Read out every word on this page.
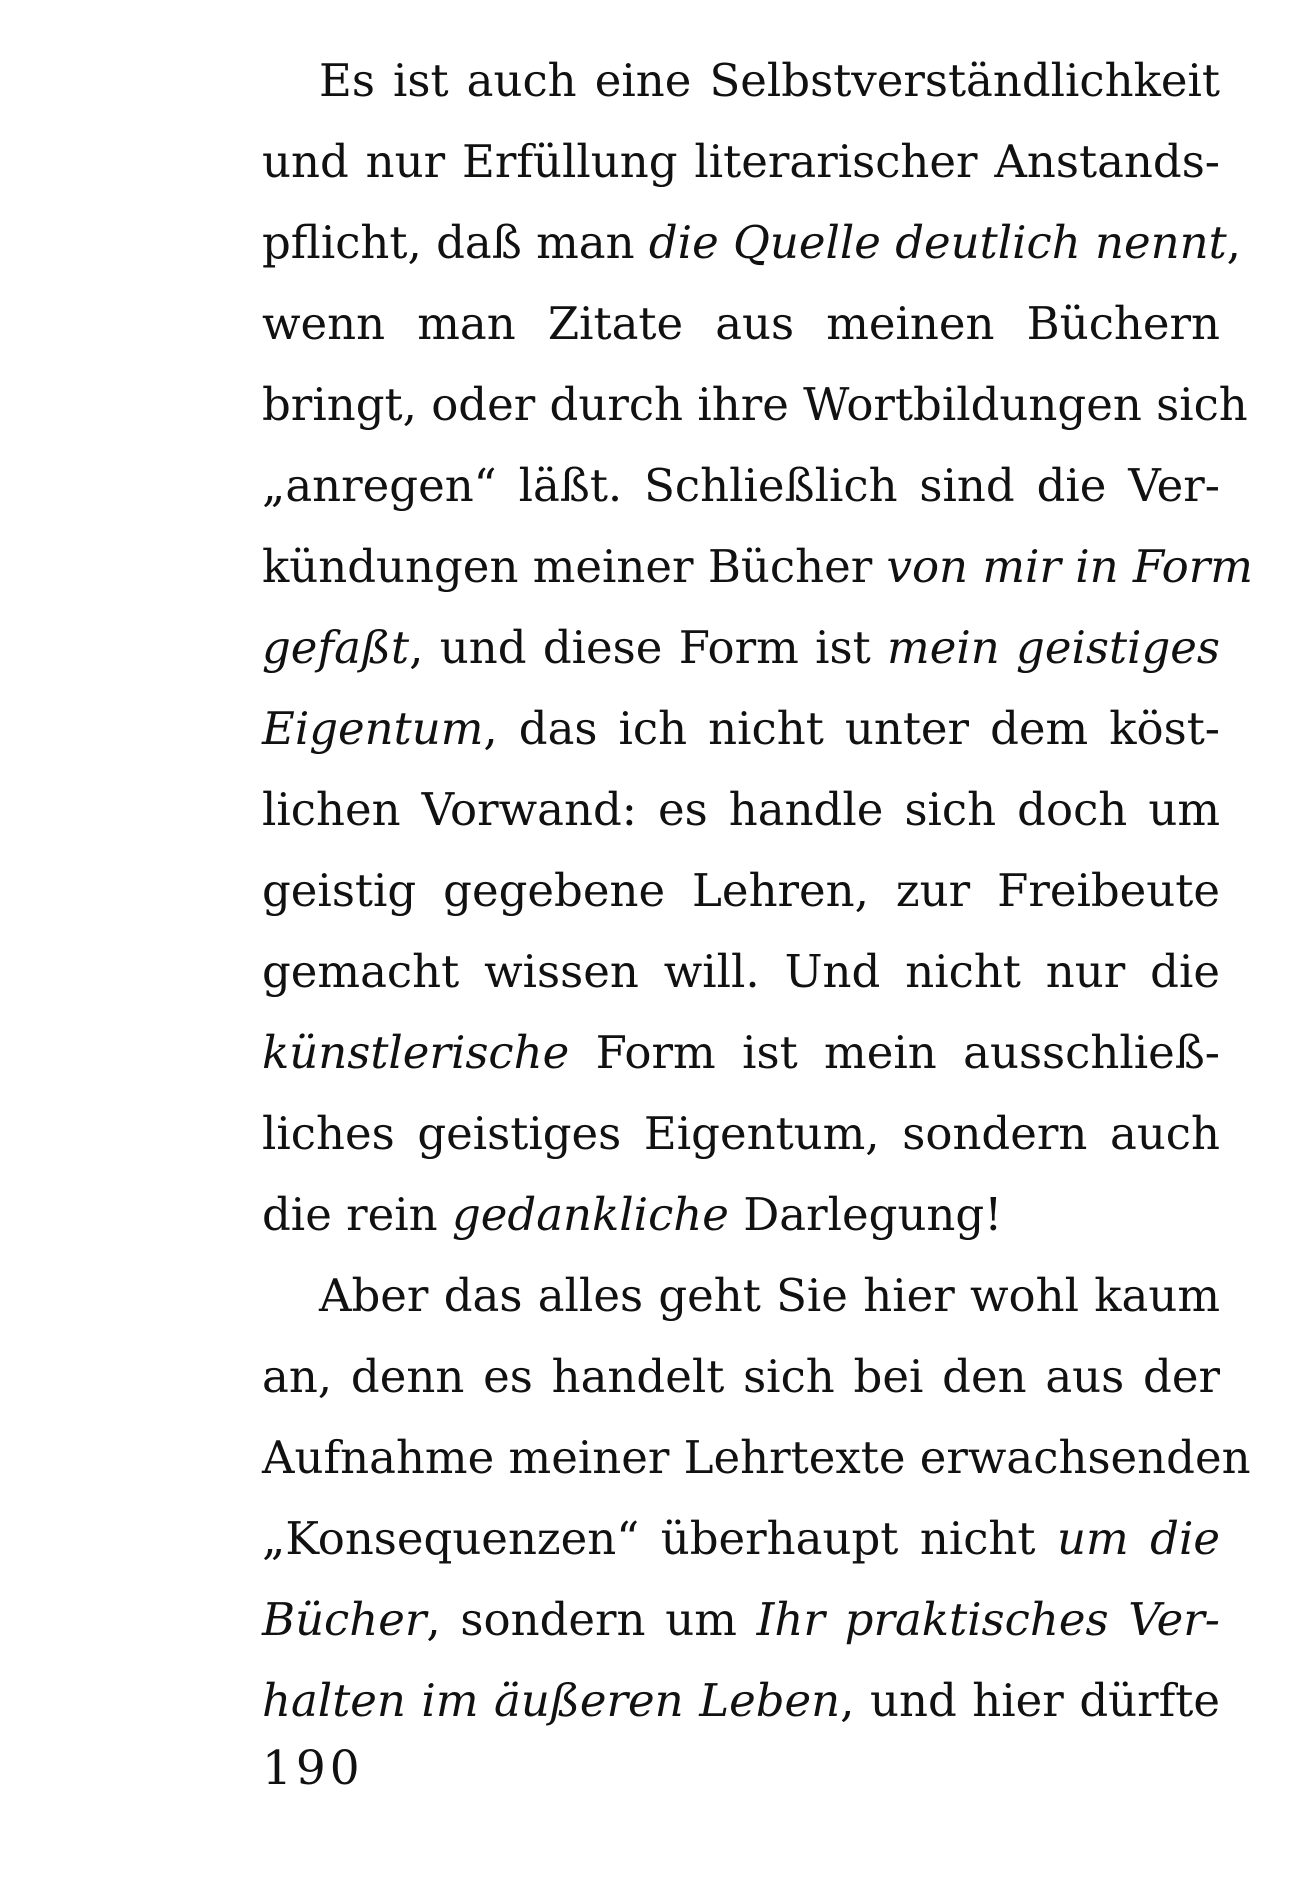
Es ist auch eine Selbstverständlichkeit
und nur Erfüllung literarischer Anstands-
pflicht, daß man die Quelle deutlich nennt,
wenn man Zitate aus meinen Büchern
bringt, oder durch ihre Wortbildungen sich
„anregen“ läßt. Schließlich sind die Ver-
kündungen meiner Bücher von mir in Form
gefaßt, und diese Form ist mein geistiges
Eigentum, das ich nicht unter dem köst-
lichen Vorwand: es handle sich doch um
geistig gegebene Lehren, zur Freibeute
gemacht wissen will. Und nicht nur die
künstlerische Form ist mein ausschließ-
liches geistiges Eigentum, sondern auch
die rein gedankliche Darlegung!
Aber das alles geht Sie hier wohl kaum
an, denn es handelt sich bei den aus der
Aufnahme meiner Lehrtexte erwachsenden
„Konsequenzen“ überhaupt nicht um die
Bücher, sondern um Ihr praktisches Ver-
halten im äußeren Leben, und hier dürfte
190
